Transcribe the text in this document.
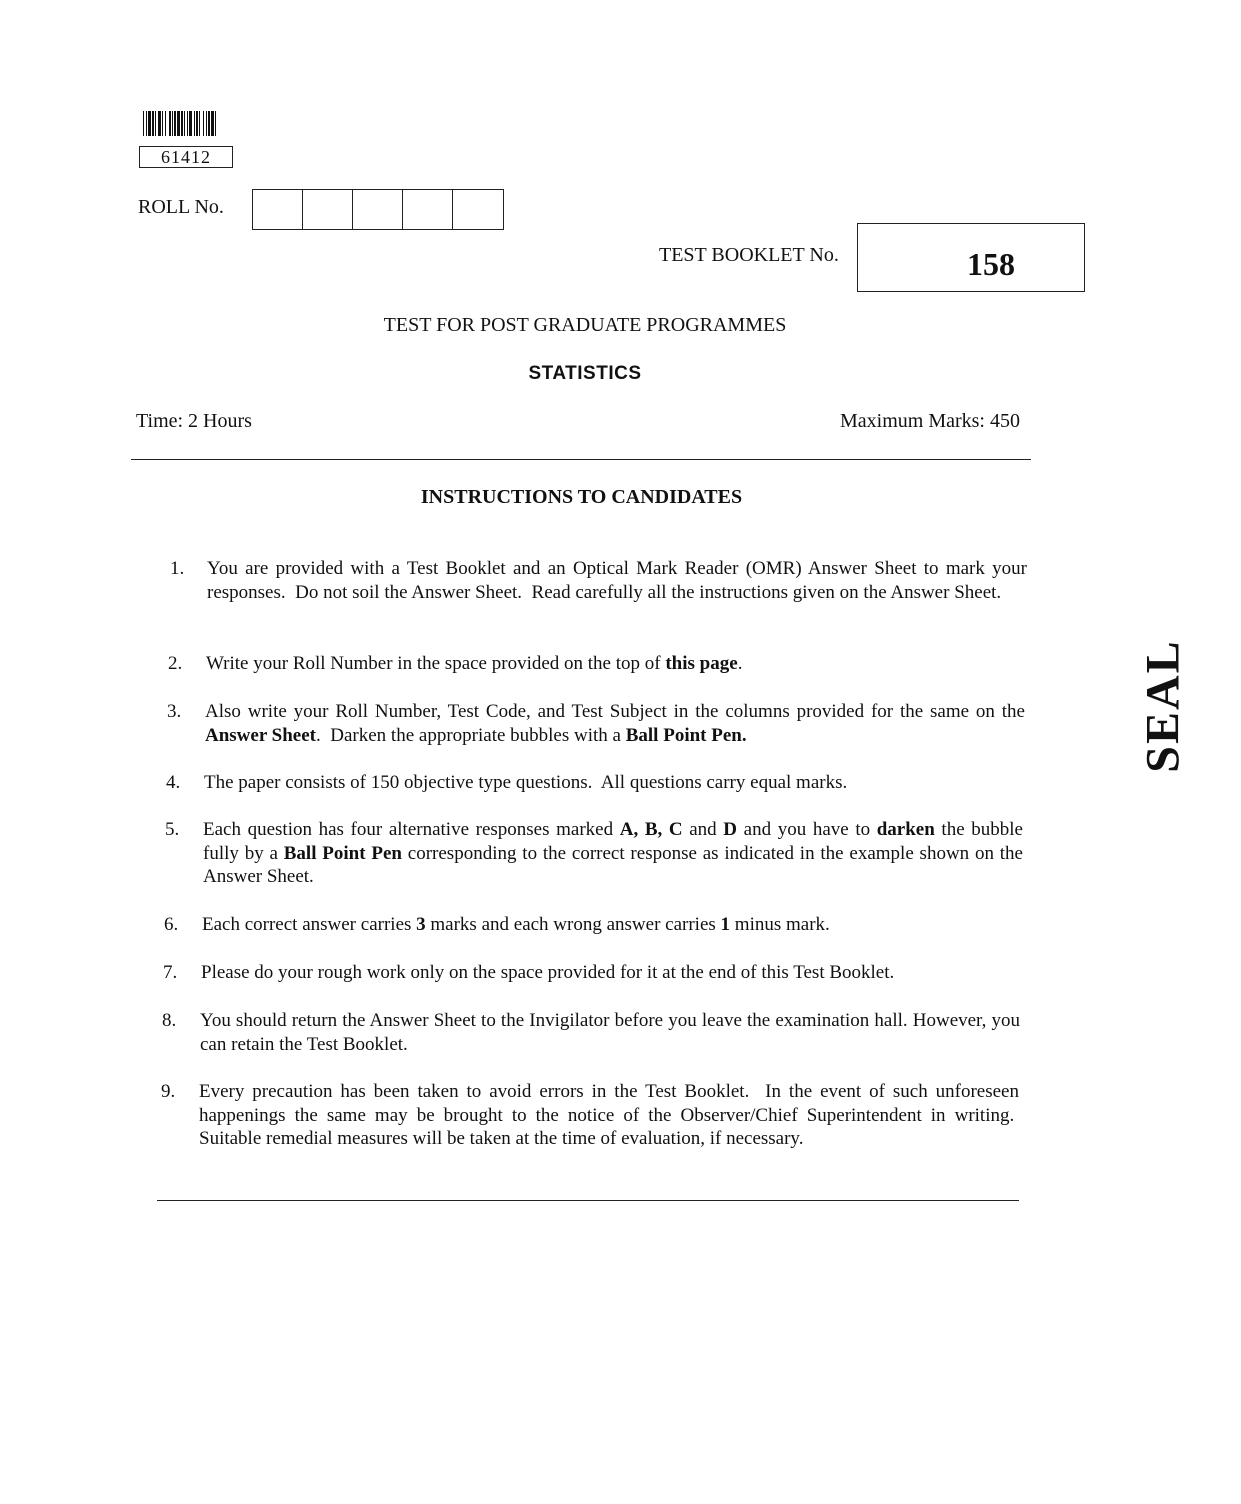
61412
ROLL No.
TEST BOOKLET No.	158
TEST FOR POST GRADUATE PROGRAMMES
STATISTICS
Time: 2 Hours	Maximum Marks: 450
INSTRUCTIONS TO CANDIDATES
1. You are provided with a Test Booklet and an Optical Mark Reader (OMR) Answer Sheet to mark your responses.  Do not soil the Answer Sheet.  Read carefully all the instructions given on the Answer Sheet.
2. Write your Roll Number in the space provided on the top of this page.
3. Also write your Roll Number, Test Code, and Test Subject in the columns provided for the same on the Answer Sheet.  Darken the appropriate bubbles with a Ball Point Pen.
4. The paper consists of 150 objective type questions.  All questions carry equal marks.
5. Each question has four alternative responses marked A, B, C and D and you have to darken the bubble fully by a Ball Point Pen corresponding to the correct response as indicated in the example shown on the Answer Sheet.
6. Each correct answer carries 3 marks and each wrong answer carries 1 minus mark.
7. Please do your rough work only on the space provided for it at the end of this Test Booklet.
8. You should return the Answer Sheet to the Invigilator before you leave the examination hall. However, you can retain the Test Booklet.
9. Every precaution has been taken to avoid errors in the Test Booklet.  In the event of such unforeseen happenings the same may be brought to the notice of the Observer/Chief Superintendent in writing.  Suitable remedial measures will be taken at the time of evaluation, if necessary.
SEAL
